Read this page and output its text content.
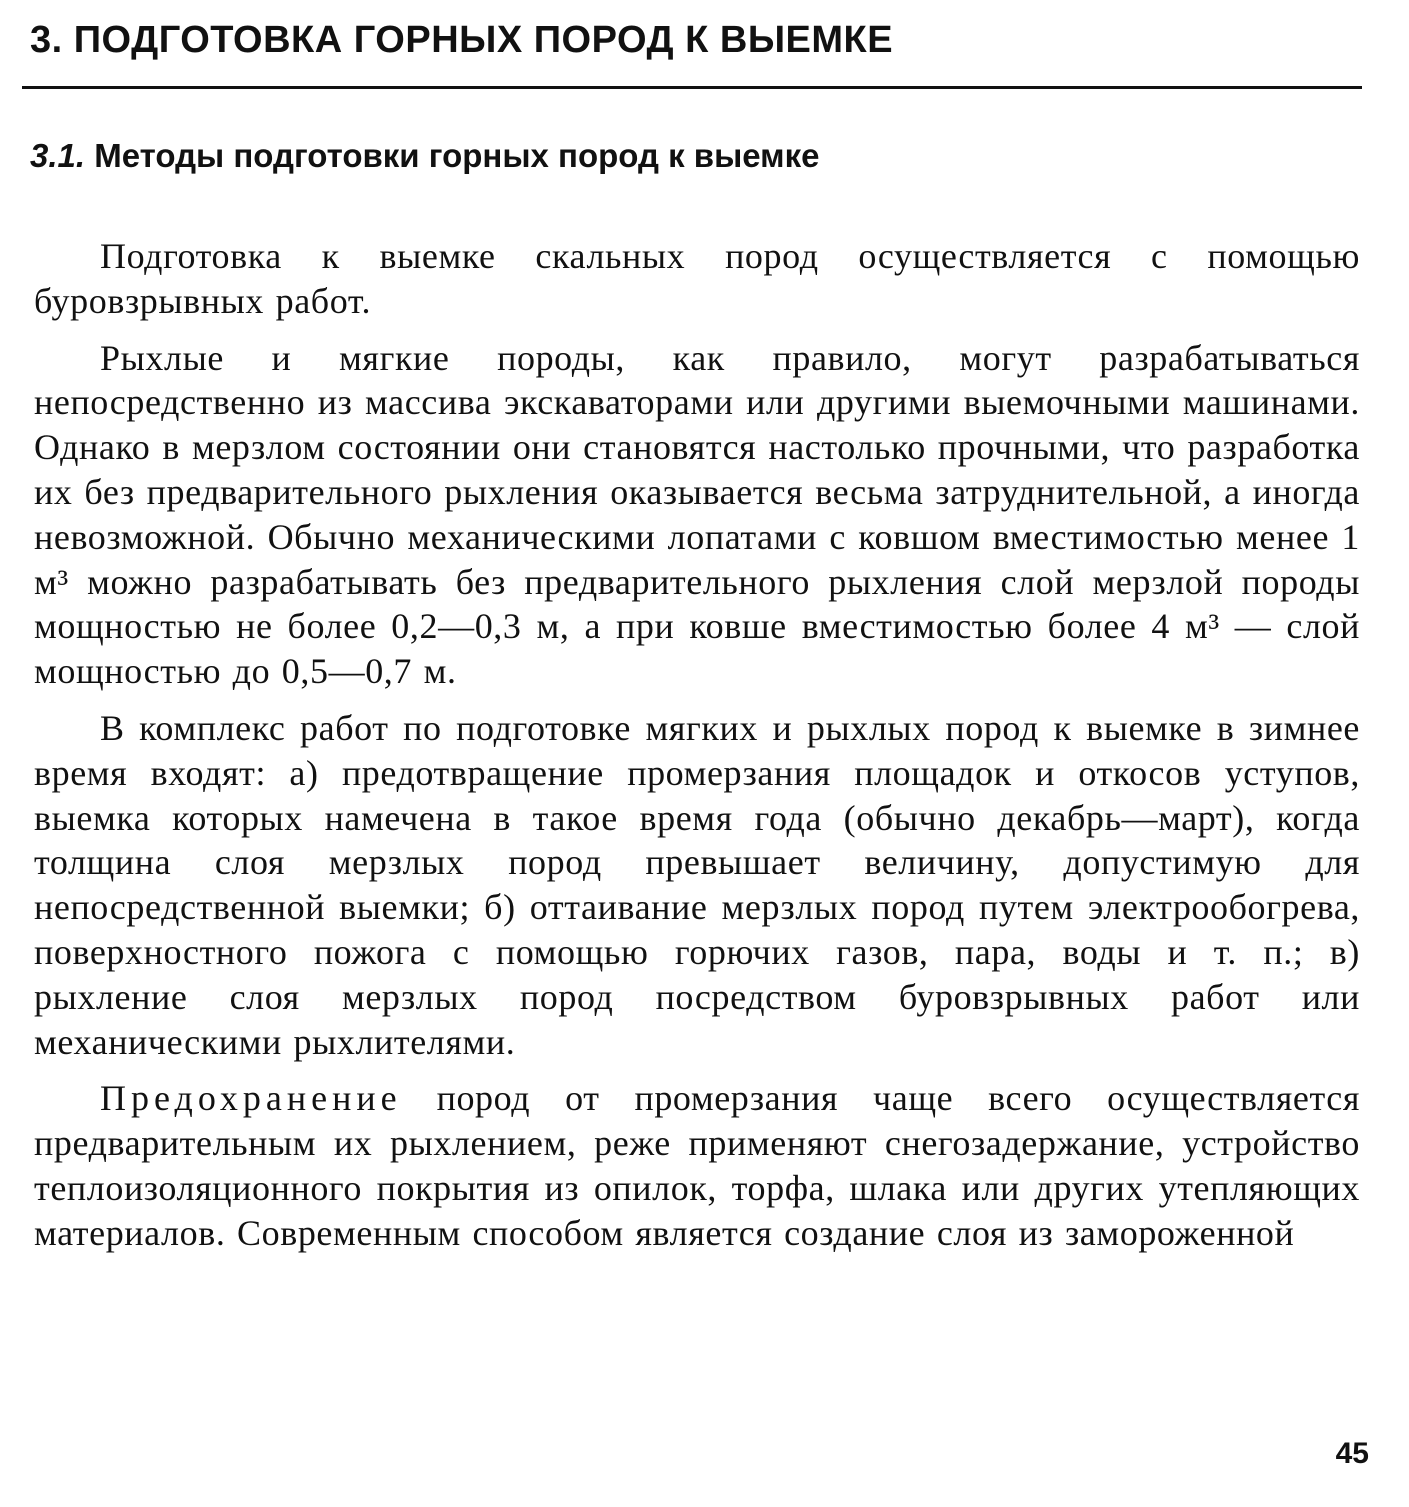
3. ПОДГОТОВКА ГОРНЫХ ПОРОД К ВЫЕМКЕ
3.1. Методы подготовки горных пород к выемке

Подготовка к выемке скальных пород осуществляется с помощью буровзрывных работ.

Рыхлые и мягкие породы, как правило, могут разрабатываться непосредственно из массива экскаваторами или другими выемочными машинами. Однако в мерзлом состоянии они становятся настолько прочными, что разработка их без предварительного рыхления оказывается весьма затруднительной, а иногда невозможной. Обычно механическими лопатами с ковшом вместимостью менее 1 м³ можно разрабатывать без предварительного рыхления слой мерзлой породы мощностью не более 0,2—0,3 м, а при ковше вместимостью более 4 м³ — слой мощностью до 0,5—0,7 м.

В комплекс работ по подготовке мягких и рыхлых пород к выемке в зимнее время входят: а) предотвращение промерзания площадок и откосов уступов, выемка которых намечена в такое время года (обычно декабрь—март), когда толщина слоя мерзлых пород превышает величину, допустимую для непосредственной выемки; б) оттаивание мерзлых пород путем электрообогрева, поверхностного пожога с помощью горючих газов, пара, воды и т. п.; в) рыхление слоя мерзлых пород посредством буровзрывных работ или механическими рыхлителями.

Предохранение пород от промерзания чаще всего осуществляется предварительным их рыхлением, реже применяют снегозадержание, устройство теплоизоляционного покрытия из опилок, торфа, шлака или других утепляющих материалов. Современным способом является создание слоя из замороженной

45
